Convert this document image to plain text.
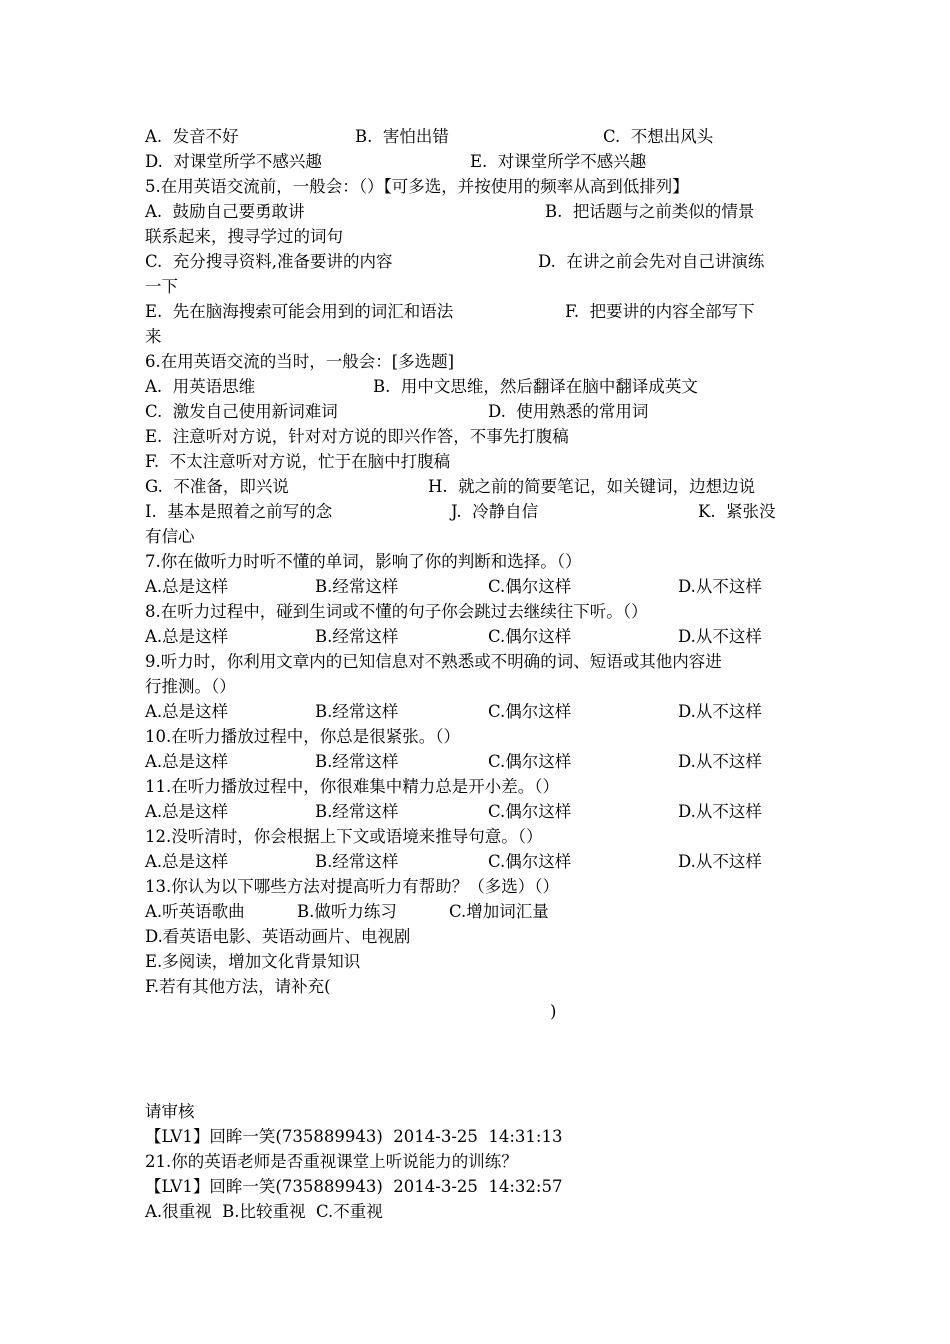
A.  发音不好

	B.  害怕出错

	C.  不想出风头

D.  对课堂所学不感兴趣

	E.  对课堂所学不感兴趣

5.在用英语交流前，一般会：（）【可多选，并按使用的频率从高到低排列】

A.  鼓励自己要勇敢讲

	B.  把话题与之前类似的情景

联系起来，搜寻学过的词句

C.  充分搜寻资料,准备要讲的内容

	D.  在讲之前会先对自己讲演练

一下

E.  先在脑海搜索可能会用到的词汇和语法

	F.  把要讲的内容全部写下

来
6.在用英语交流的当时，一般会：[多选题]

A.  用英语思维

	B.  用中文思维，然后翻译在脑中翻译成英文

C.  激发自己使用新词难词

	D.  使用熟悉的常用词

E.  注意听对方说，针对对方说的即兴作答，不事先打腹稿
F.  不太注意听对方说，忙于在脑中打腹稿

G.  不准备，即兴说

	H.  就之前的简要笔记，如关键词，边想边说

I.  基本是照着之前写的念

	J.  冷静自信

	K.  紧张没

有信心
7.你在做听力时听不懂的单词，影响了你的判断和选择。（）

A.总是这样

	B.经常这样

	C.偶尔这样

	D.从不这样

8.在听力过程中，碰到生词或不懂的句子你会跳过去继续往下听。（）

A.总是这样

	B.经常这样

	C.偶尔这样

	D.从不这样

9.听力时，你利用文章内的已知信息对不熟悉或不明确的词、短语或其他内容进
行推测。（）

A.总是这样

	B.经常这样

	C.偶尔这样

	D.从不这样

10.在听力播放过程中，你总是很紧张。（）

A.总是这样

	B.经常这样

	C.偶尔这样

	D.从不这样

11.在听力播放过程中，你很难集中精力总是开小差。（）

A.总是这样

	B.经常这样

	C.偶尔这样

	D.从不这样

12.没听清时，你会根据上下文或语境来推导句意。（）

A.总是这样

	B.经常这样

	C.偶尔这样

	D.从不这样

13.你认为以下哪些方法对提高听力有帮助？（多选）（）

A.听英语歌曲

	B.做听力练习

	C.增加词汇量

D.看英语电影、英语动画片、电视剧
E.多阅读，增加文化背景知识
F.若有其他方法，请补充(
)
请审核
【LV1】回眸一笑(735889943)  2014-3-25  14:31:13
21.你的英语老师是否重视课堂上听说能力的训练？
【LV1】回眸一笑(735889943)  2014-3-25  14:32:57
A.很重视  B.比较重视  C.不重视
